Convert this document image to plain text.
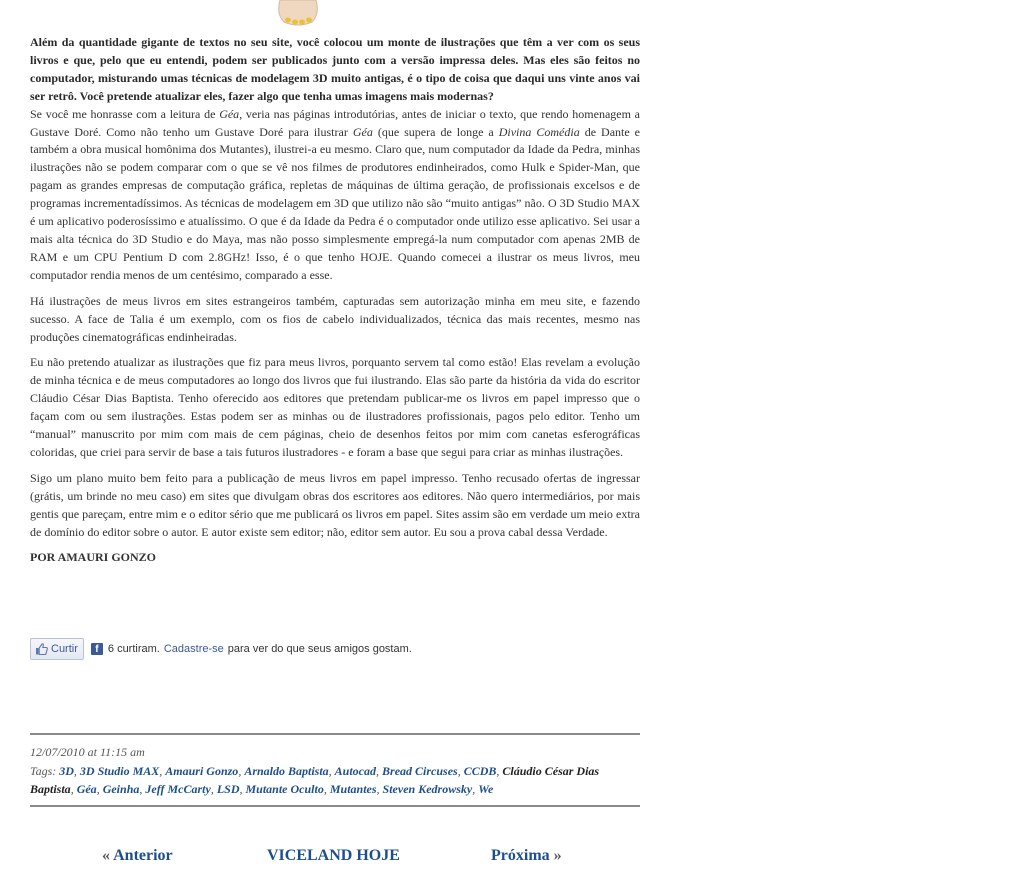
Além da quantidade gigante de textos no seu site, você colocou um monte de ilustrações que têm a ver com os seus livros e que, pelo que eu entendi, podem ser publicados junto com a versão impressa deles. Mas eles são feitos no computador, misturando umas técnicas de modelagem 3D muito antigas, é o tipo de coisa que daqui uns vinte anos vai ser retrô. Você pretende atualizar eles, fazer algo que tenha umas imagens mais modernas?

Se você me honrasse com a leitura de Géa, veria nas páginas introdutórias, antes de iniciar o texto, que rendo homenagem a Gustave Doré. Como não tenho um Gustave Doré para ilustrar Géa (que supera de longe a Divina Comédia de Dante e também a obra musical homônima dos Mutantes), ilustrei-a eu mesmo. Claro que, num computador da Idade da Pedra, minhas ilustrações não se podem comparar com o que se vê nos filmes de produtores endinheirados, como Hulk e Spider-Man, que pagam as grandes empresas de computação gráfica, repletas de máquinas de última geração, de profissionais excelsos e de programas incrementadíssimos. As técnicas de modelagem em 3D que utilizo não são “muito antigas” não. O 3D Studio MAX é um aplicativo poderosíssimo e atualíssimo. O que é da Idade da Pedra é o computador onde utilizo esse aplicativo. Sei usar a mais alta técnica do 3D Studio e do Maya, mas não posso simplesmente empregá-la num computador com apenas 2MB de RAM e um CPU Pentium D com 2.8GHz! Isso, é o que tenho HOJE. Quando comecei a ilustrar os meus livros, meu computador rendia menos de um centésimo, comparado a esse.

Há ilustrações de meus livros em sites estrangeiros também, capturadas sem autorização minha em meu site, e fazendo sucesso. A face de Talia é um exemplo, com os fios de cabelo individualizados, técnica das mais recentes, mesmo nas produções cinematográficas endinheiradas.

Eu não pretendo atualizar as ilustrações que fiz para meus livros, porquanto servem tal como estão! Elas revelam a evolução de minha técnica e de meus computadores ao longo dos livros que fui ilustrando. Elas são parte da história da vida do escritor Cláudio César Dias Baptista. Tenho oferecido aos editores que pretendam publicar-me os livros em papel impresso que o façam com ou sem ilustrações. Estas podem ser as minhas ou de ilustradores profissionais, pagos pelo editor. Tenho um “manual” manuscrito por mim com mais de cem páginas, cheio de desenhos feitos por mim com canetas esferográficas coloridas, que criei para servir de base a tais futuros ilustradores - e foram a base que segui para criar as minhas ilustrações.

Sigo um plano muito bem feito para a publicação de meus livros em papel impresso. Tenho recusado ofertas de ingressar (grátis, um brinde no meu caso) em sites que divulgam obras dos escritores aos editores. Não quero intermediários, por mais gentis que pareçam, entre mim e o editor sério que me publicará os livros em papel. Sites assim são em verdade um meio extra de domínio do editor sobre o autor. E autor existe sem editor; não, editor sem autor. Eu sou a prova cabal dessa Verdade.

POR AMAURI GONZO

Curtir	f 6 curtiram. Cadastre-se para ver do que seus amigos gostam.
12/07/2010 at 11:15 am
Tags: 3D, 3D Studio MAX, Amauri Gonzo, Arnaldo Baptista, Autocad, Bread Circuses, CCDB, Cláudio César Dias Baptista, Géa, Geinha, Jeff McCarty, LSD, Mutante Oculto, Mutantes, Steven Kedrowsky, We
« Anterior	VICELAND HOJE	Próxima »
